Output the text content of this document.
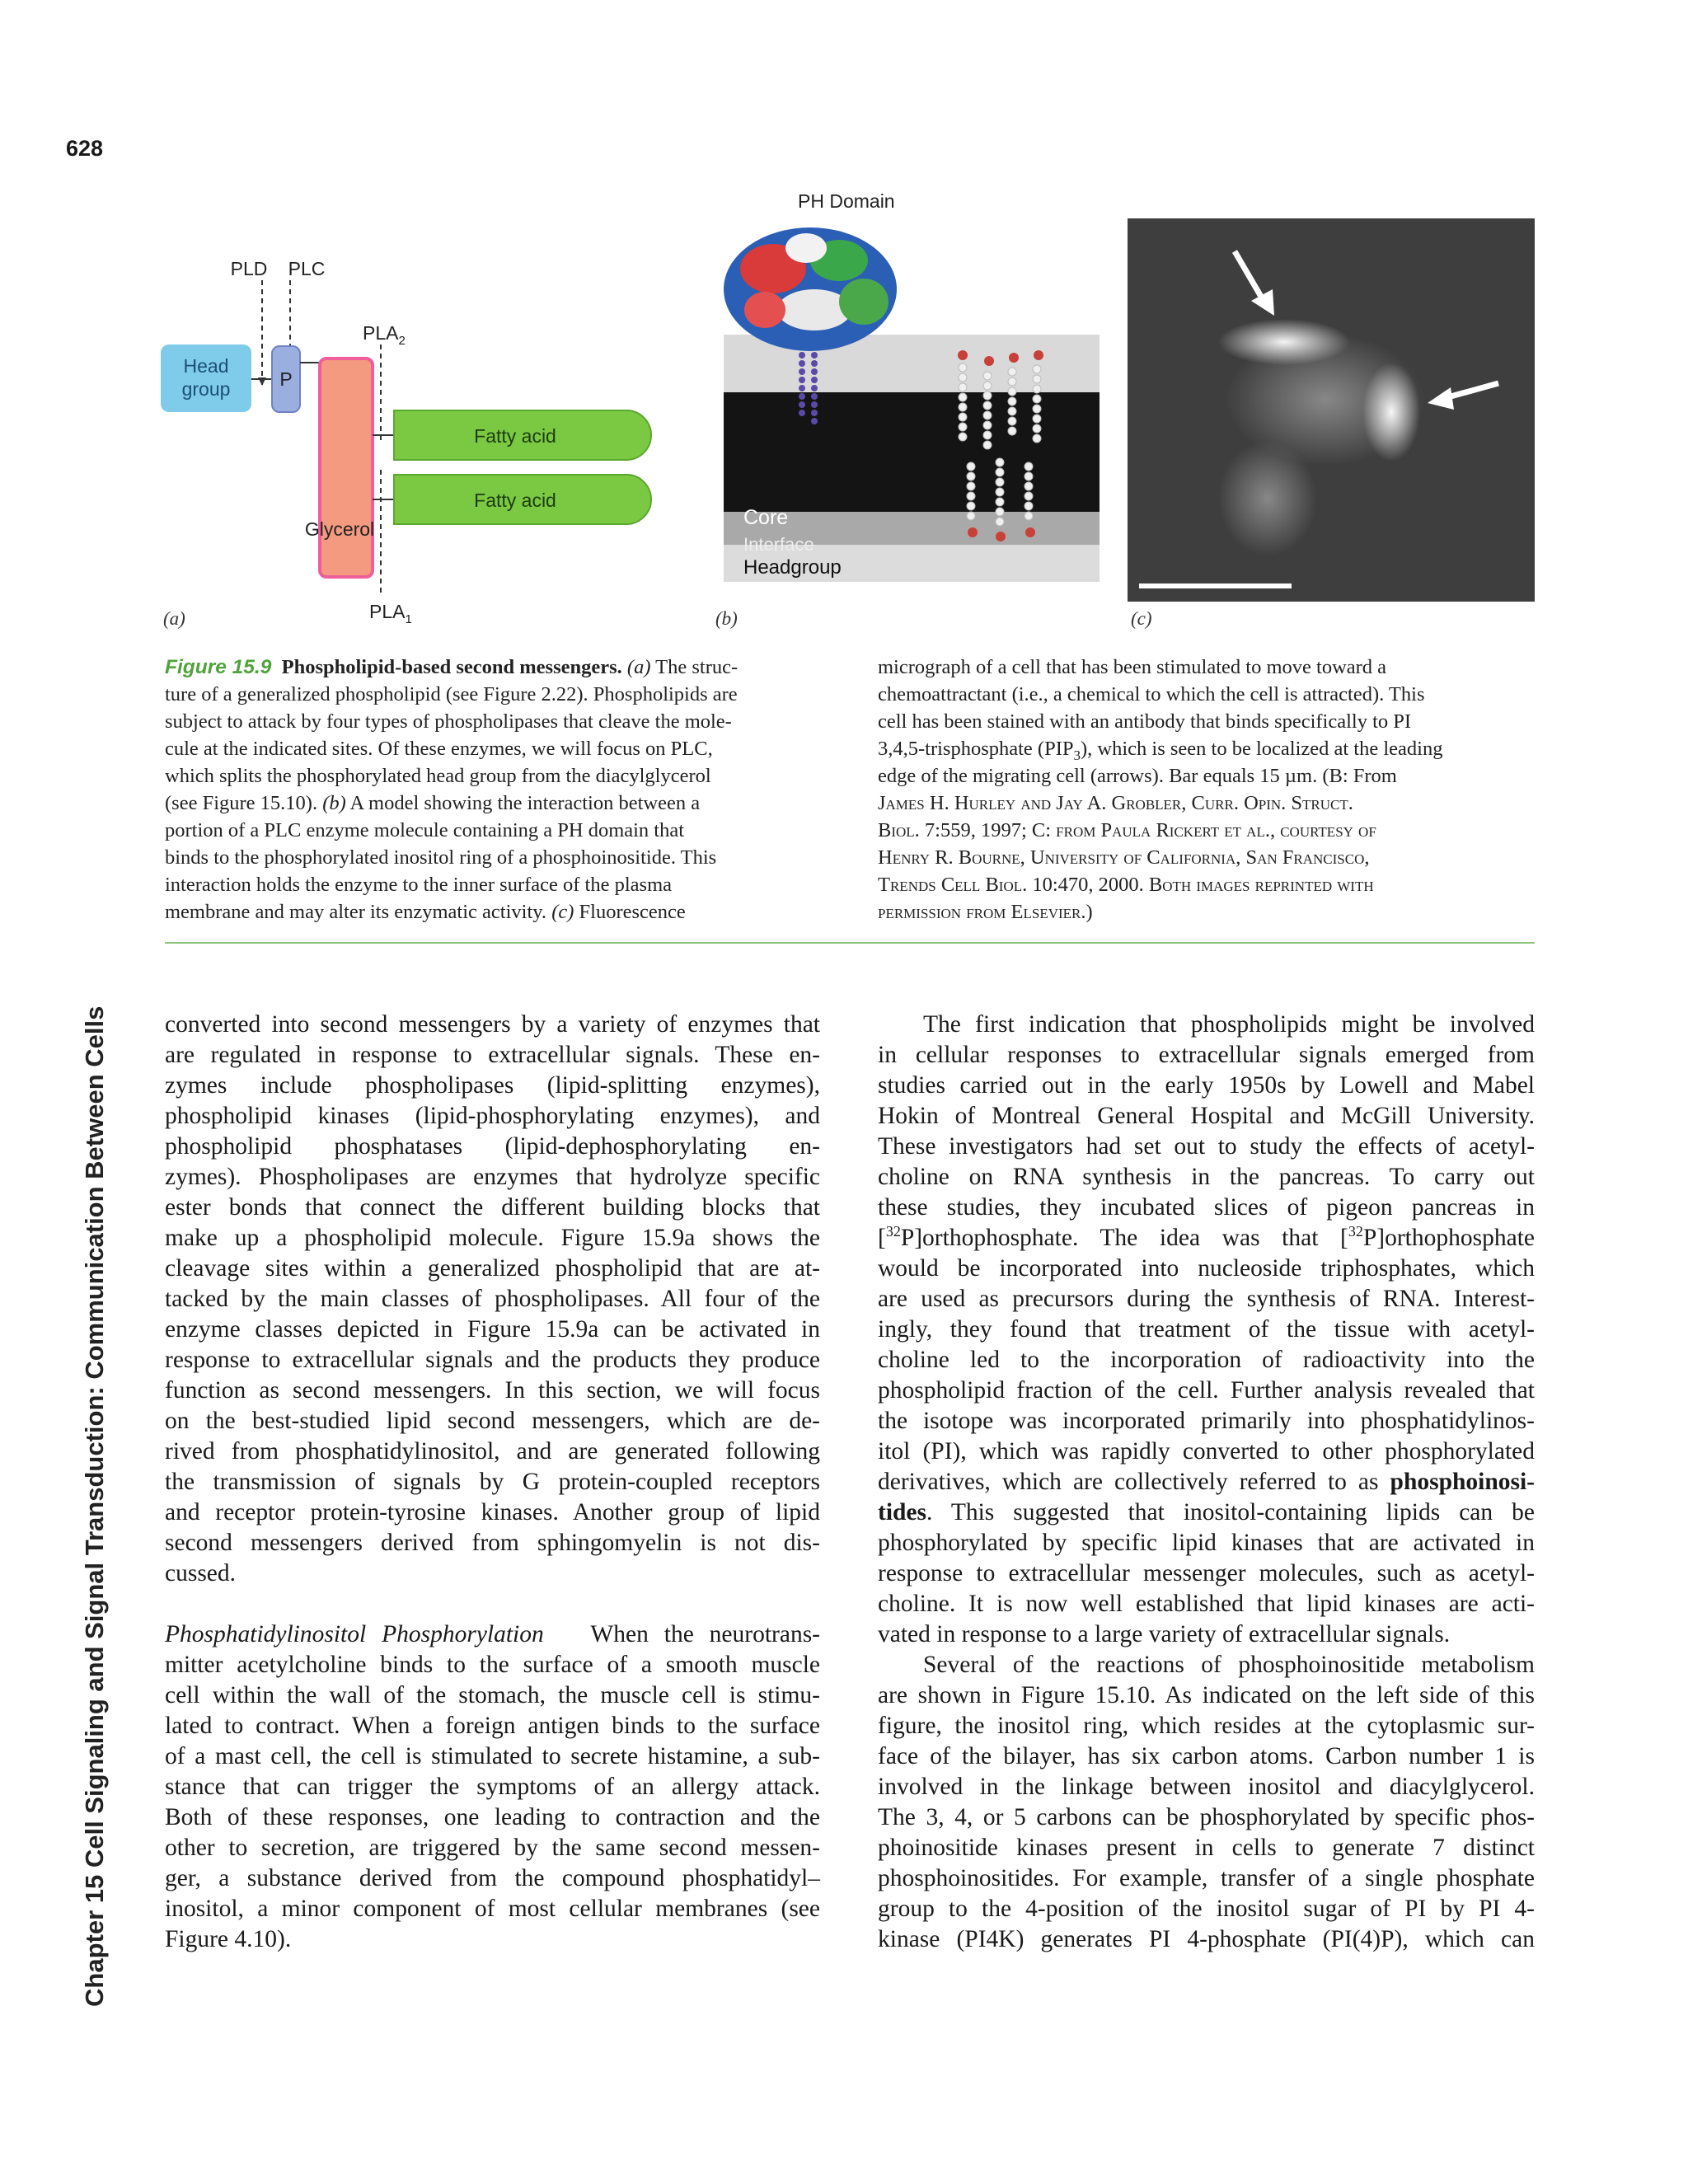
628
Chapter 15 Cell Signaling and Signal Transduction: Communication Between Cells
PLD PLC
$PLA_2$
$PLA_1$
Head
group	P
Glycerol
Fatty acid
Fatty acid
(a)
PH Domain
Core
Interface
Headgroup
(b)	(c)
Figure 15.9 Phospholipid-based second messengers. (a) The struc-
ture of a generalized phospholipid (see Figure 2.22). Phospholipids are
subject to attack by four types of phospholipases that cleave the mole-
cule at the indicated sites. Of these enzymes, we will focus on PLC,
which splits the phosphorylated head group from the diacylglycerol
(see Figure 15.10). (b) A model showing the interaction between a
portion of a PLC enzyme molecule containing a PH domain that
binds to the phosphorylated inositol ring of a phosphoinositide. This
interaction holds the enzyme to the inner surface of the plasma
membrane and may alter its enzymatic activity. (c) Fluorescence
micrograph of a cell that has been stimulated to move toward a
chemoattractant (i.e., a chemical to which the cell is attracted). This
cell has been stained with an antibody that binds specifically to PI
3,4,5-trisphosphate $(PIP_3)$, which is seen to be localized at the leading
edge of the migrating cell (arrows). Bar equals 15 µm. (B: From
James H. Hurley and Jay A. Grobler, Curr. Opin. Struct.
Biol. 7:559, 1997; C: from Paula Rickert et al., courtesy of
Henry R. Bourne, University of California, San Francisco,
Trends Cell Biol. 10:470, 2000. Both images reprinted with
permission from Elsevier.)
converted into second messengers by a variety of enzymes that
are regulated in response to extracellular signals. These en-
zymes include phospholipases (lipid-splitting enzymes),
phospholipid kinases (lipid-phosphorylating enzymes), and
phospholipid phosphatases (lipid-dephosphorylating en-
zymes). Phospholipases are enzymes that hydrolyze specific
ester bonds that connect the different building blocks that
make up a phospholipid molecule. Figure 15.9a shows the
cleavage sites within a generalized phospholipid that are at-
tacked by the main classes of phospholipases. All four of the
enzyme classes depicted in Figure 15.9a can be activated in
response to extracellular signals and the products they produce
function as second messengers. In this section, we will focus
on the best-studied lipid second messengers, which are de-
rived from phosphatidylinositol, and are generated following
the transmission of signals by G protein-coupled receptors
and receptor protein-tyrosine kinases. Another group of lipid
second messengers derived from sphingomyelin is not dis-
cussed.
Phosphatidylinositol Phosphorylation When the neurotrans-
mitter acetylcholine binds to the surface of a smooth muscle
cell within the wall of the stomach, the muscle cell is stimu-
lated to contract. When a foreign antigen binds to the surface
of a mast cell, the cell is stimulated to secrete histamine, a sub-
stance that can trigger the symptoms of an allergy attack.
Both of these responses, one leading to contraction and the
other to secretion, are triggered by the same second messen-
ger, a substance derived from the compound phosphatidyl–
inositol, a minor component of most cellular membranes (see
Figure 4.10).
The first indication that phospholipids might be involved
in cellular responses to extracellular signals emerged from
studies carried out in the early 1950s by Lowell and Mabel
Hokin of Montreal General Hospital and McGill University.
These investigators had set out to study the effects of acetyl-
choline on RNA synthesis in the pancreas. To carry out
these studies, they incubated slices of pigeon pancreas in
[$^{32}$P]orthophosphate. The idea was that [$^{32}$P]orthophosphate
would be incorporated into nucleoside triphosphates, which
are used as precursors during the synthesis of RNA. Interest-
ingly, they found that treatment of the tissue with acetyl-
choline led to the incorporation of radioactivity into the
phospholipid fraction of the cell. Further analysis revealed that
the isotope was incorporated primarily into phosphatidylinos-
itol (PI), which was rapidly converted to other phosphorylated
derivatives, which are collectively referred to as phosphoinosi-
tides. This suggested that inositol-containing lipids can be
phosphorylated by specific lipid kinases that are activated in
response to extracellular messenger molecules, such as acetyl-
choline. It is now well established that lipid kinases are acti-
vated in response to a large variety of extracellular signals.
Several of the reactions of phosphoinositide metabolism
are shown in Figure 15.10. As indicated on the left side of this
figure, the inositol ring, which resides at the cytoplasmic sur-
face of the bilayer, has six carbon atoms. Carbon number 1 is
involved in the linkage between inositol and diacylglycerol.
The 3, 4, or 5 carbons can be phosphorylated by specific phos-
phoinositide kinases present in cells to generate 7 distinct
phosphoinositides. For example, transfer of a single phosphate
group to the 4-position of the inositol sugar of PI by PI 4-
kinase (PI4K) generates PI 4-phosphate (PI(4)P), which can
